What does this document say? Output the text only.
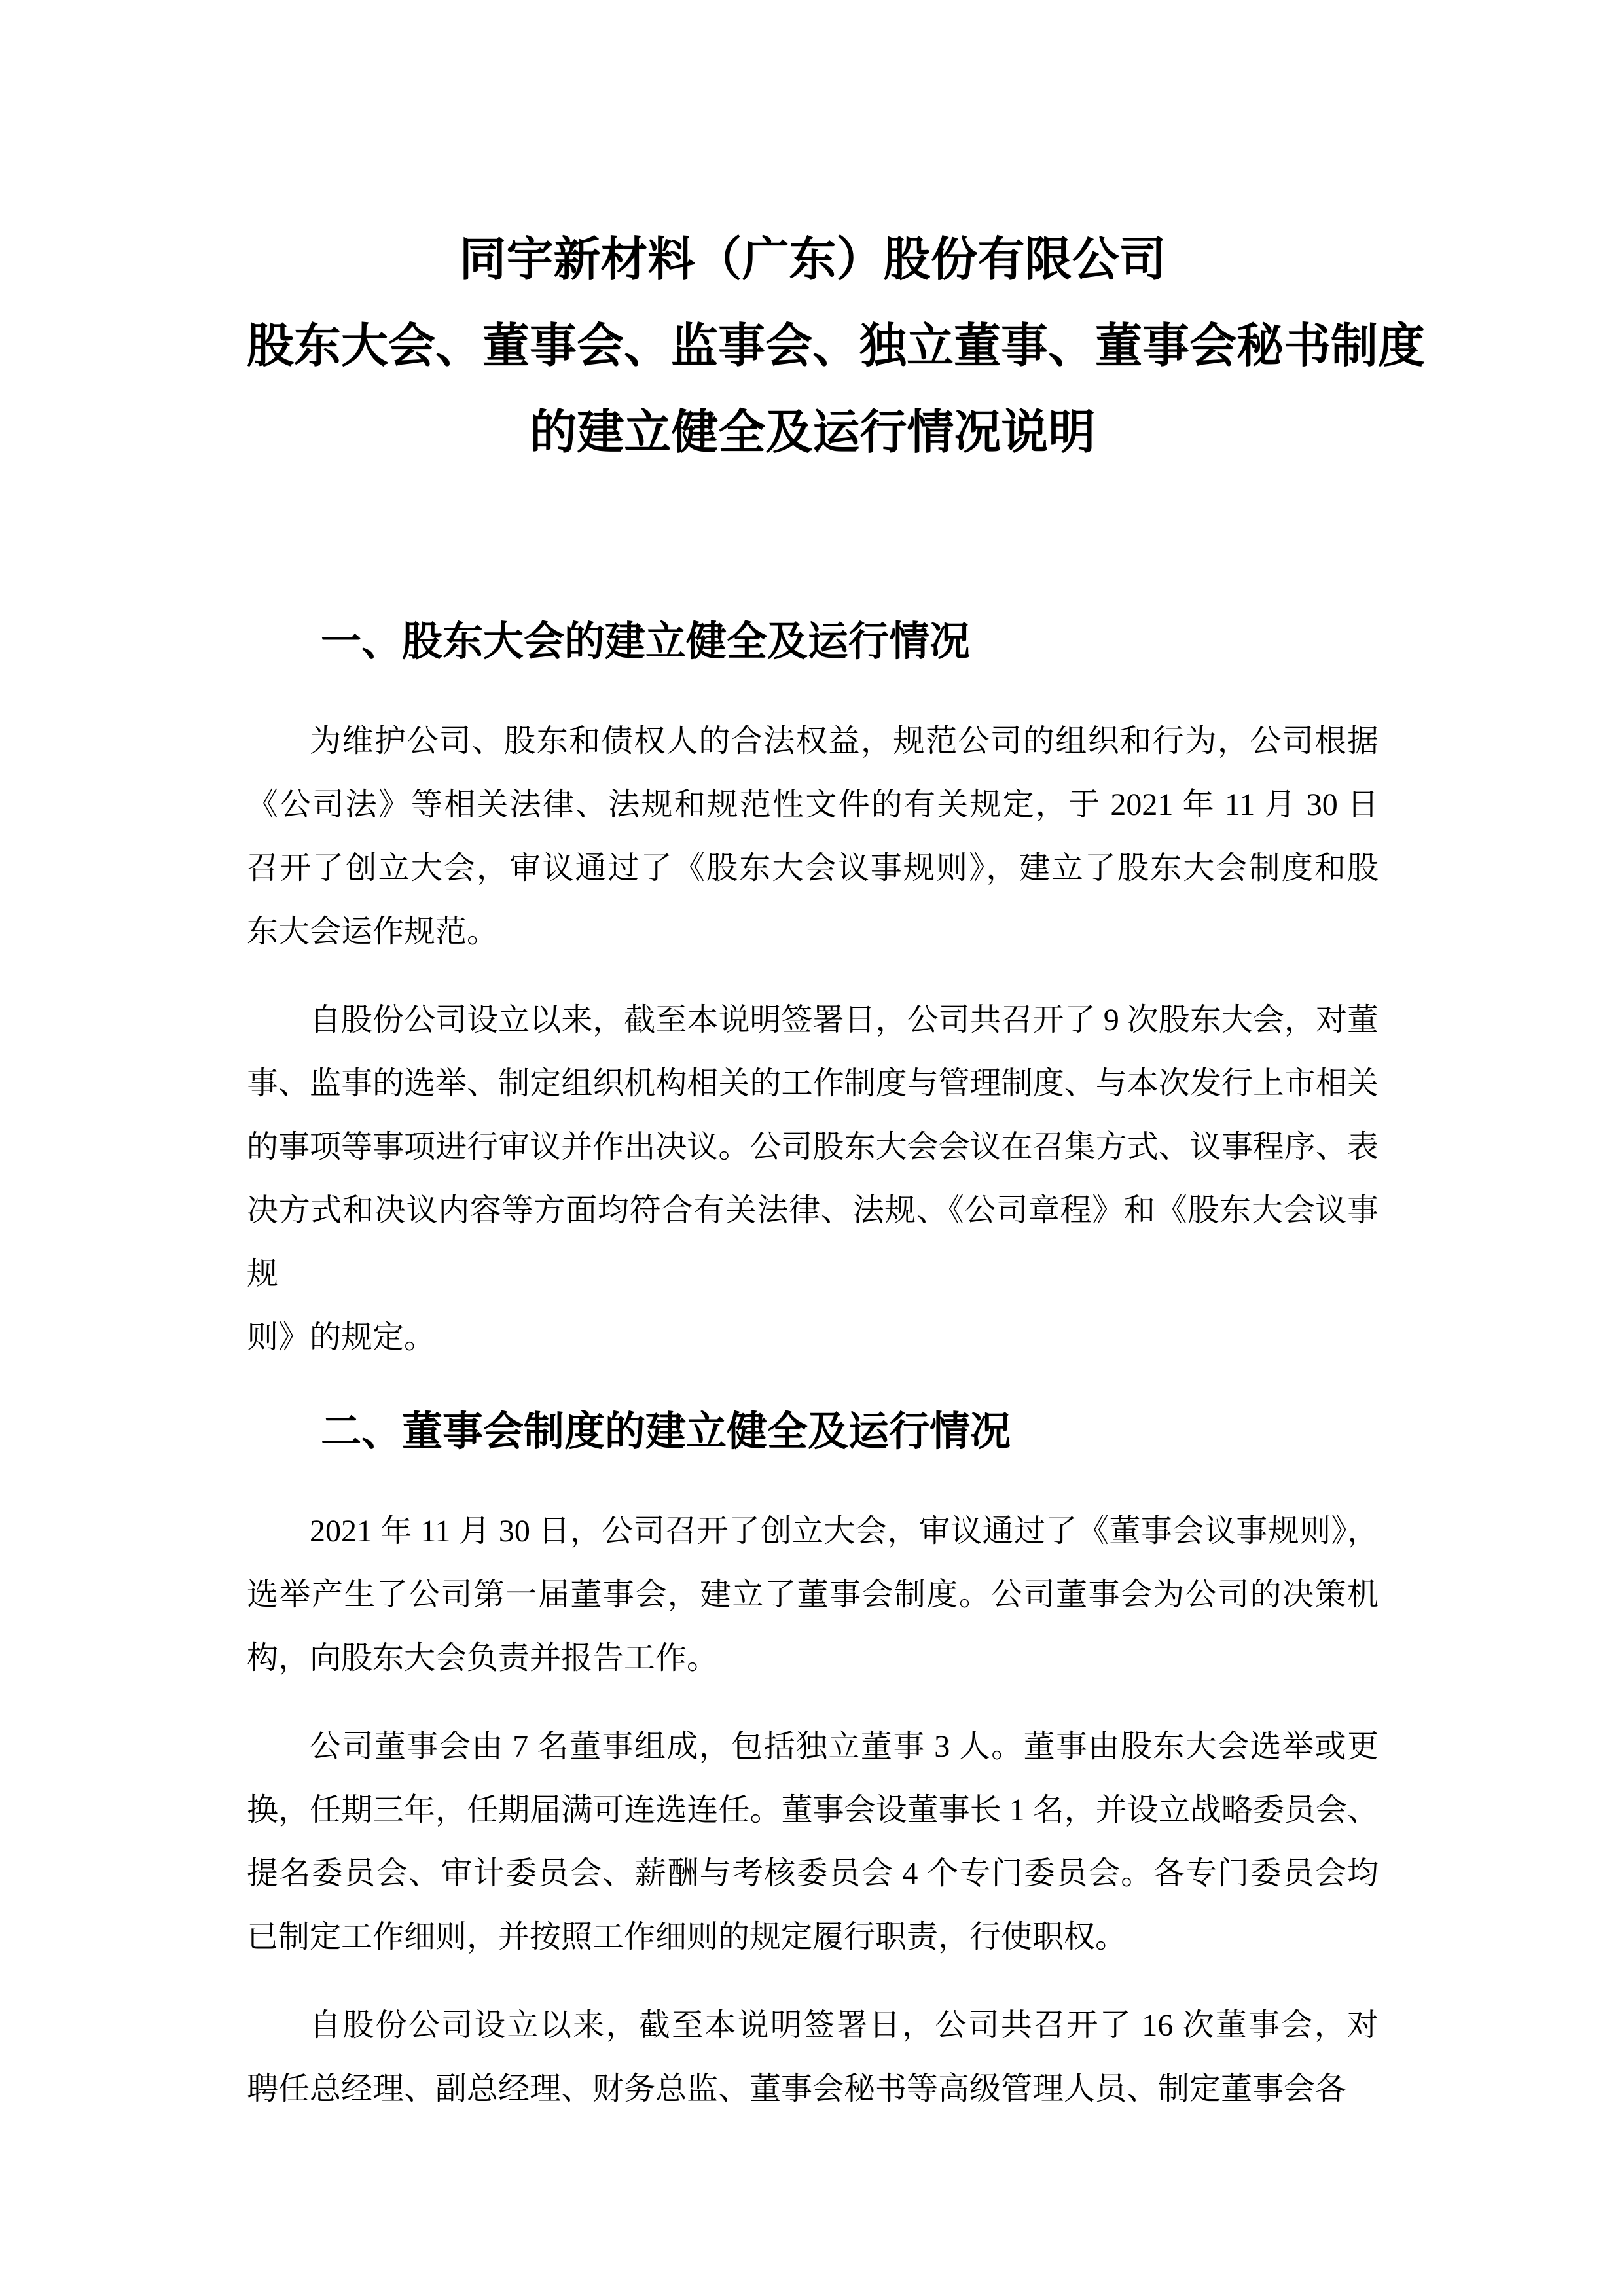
同宇新材料（广东）股份有限公司
股东大会、董事会、监事会、独立董事、董事会秘书制度
的建立健全及运行情况说明
一、股东大会的建立健全及运行情况
为维护公司、股东和债权人的合法权益，规范公司的组织和行为，公司根据
《公司法》等相关法律、法规和规范性文件的有关规定，于 2021 年 11 月 30 日
召开了创立大会，审议通过了《股东大会议事规则》，建立了股东大会制度和股
东大会运作规范。
自股份公司设立以来，截至本说明签署日，公司共召开了 9 次股东大会，对董
事、监事的选举、制定组织机构相关的工作制度与管理制度、与本次发行上市相关
的事项等事项进行审议并作出决议。公司股东大会会议在召集方式、议事程序、表
决方式和决议内容等方面均符合有关法律、法规、《公司章程》和《股东大会议事规
则》的规定。
二、董事会制度的建立健全及运行情况
2021 年 11 月 30 日，公司召开了创立大会，审议通过了《董事会议事规则》，
选举产生了公司第一届董事会，建立了董事会制度。公司董事会为公司的决策机
构，向股东大会负责并报告工作。
公司董事会由 7 名董事组成，包括独立董事 3 人。董事由股东大会选举或更
换，任期三年，任期届满可连选连任。董事会设董事长 1 名，并设立战略委员会、
提名委员会、审计委员会、薪酬与考核委员会 4 个专门委员会。各专门委员会均
已制定工作细则，并按照工作细则的规定履行职责，行使职权。
自股份公司设立以来，截至本说明签署日，公司共召开了 16 次董事会，对
聘任总经理、副总经理、财务总监、董事会秘书等高级管理人员、制定董事会各
